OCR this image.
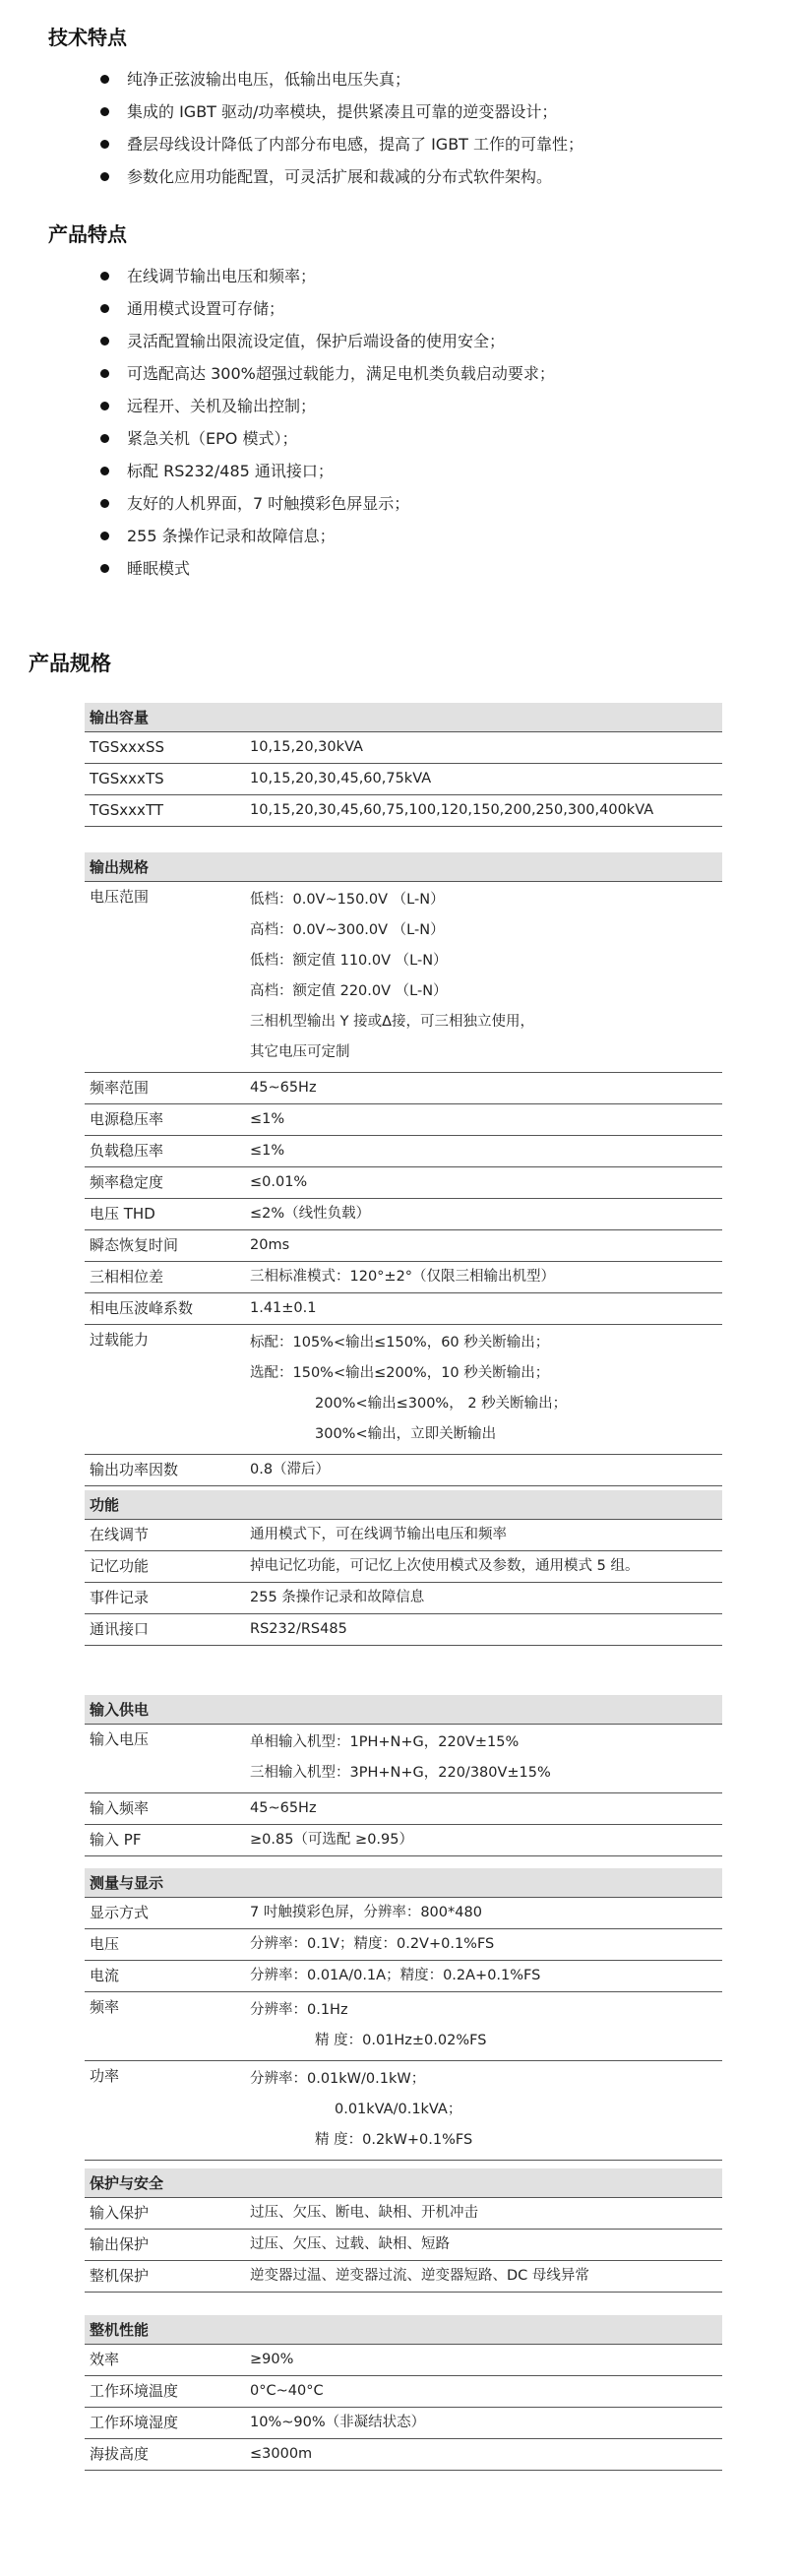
技术特点
纯净正弦波输出电压，低输出电压失真；
集成的 IGBT 驱动/功率模块，提供紧凑且可靠的逆变器设计；
叠层母线设计降低了内部分布电感，提高了 IGBT 工作的可靠性；
参数化应用功能配置，可灵活扩展和裁减的分布式软件架构。
产品特点
在线调节输出电压和频率；
通用模式设置可存储；
灵活配置输出限流设定值，保护后端设备的使用安全；
可选配高达 300%超强过载能力，满足电机类负载启动要求；
远程开、关机及输出控制；
紧急关机（EPO 模式）；
标配 RS232/485 通讯接口；
友好的人机界面，7 吋触摸彩色屏显示；
255 条操作记录和故障信息；
睡眠模式
产品规格
输出容量
TGSxxxSS	10,15,20,30kVA
TGSxxxTS	10,15,20,30,45,60,75kVA
TGSxxxTT	10,15,20,30,45,60,75,100,120,150,200,250,300,400kVA
输出规格
电压范围	低档：0.0V~150.0V （L-N）
高档：0.0V~300.0V （L-N）
低档：额定值 110.0V （L-N）
高档：额定值 220.0V （L-N）
三相机型输出 Y 接或Δ接，可三相独立使用，
其它电压可定制
频率范围	45~65Hz
电源稳压率	≤1%
负载稳压率	≤1%
频率稳定度	≤0.01%
电压 THD	≤2%（线性负载）
瞬态恢复时间	20ms
三相相位差	三相标准模式：120°±2°（仅限三相输出机型）
相电压波峰系数	1.41±0.1
过载能力	标配：105%<输出≤150%，60 秒关断输出；
选配：150%<输出≤200%，10 秒关断输出；
200%<输出≤300%， 2 秒关断输出；
300%<输出，立即关断输出
输出功率因数	0.8（滞后）
功能
在线调节	通用模式下，可在线调节输出电压和频率
记忆功能	掉电记忆功能，可记忆上次使用模式及参数，通用模式 5 组。
事件记录	255 条操作记录和故障信息
通讯接口	RS232/RS485
输入供电
输入电压	单相输入机型：1PH+N+G，220V±15%
三相输入机型：3PH+N+G，220/380V±15%
输入频率	45~65Hz
输入 PF	≥0.85（可选配 ≥0.95）
测量与显示
显示方式	7 吋触摸彩色屏，分辨率：800*480
电压	分辨率：0.1V；精度：0.2V+0.1%FS
电流	分辨率：0.01A/0.1A；精度：0.2A+0.1%FS
频率	分辨率：0.1Hz
精 度：0.01Hz±0.02%FS
功率	分辨率：0.01kW/0.1kW；
0.01kVA/0.1kVA；
精 度：0.2kW+0.1%FS
保护与安全
输入保护	过压、欠压、断电、缺相、开机冲击
输出保护	过压、欠压、过载、缺相、短路
整机保护	逆变器过温、逆变器过流、逆变器短路、DC 母线异常
整机性能
效率	≥90%
工作环境温度	0°C~40°C
工作环境湿度	10%~90%（非凝结状态）
海拔高度	≤3000m
